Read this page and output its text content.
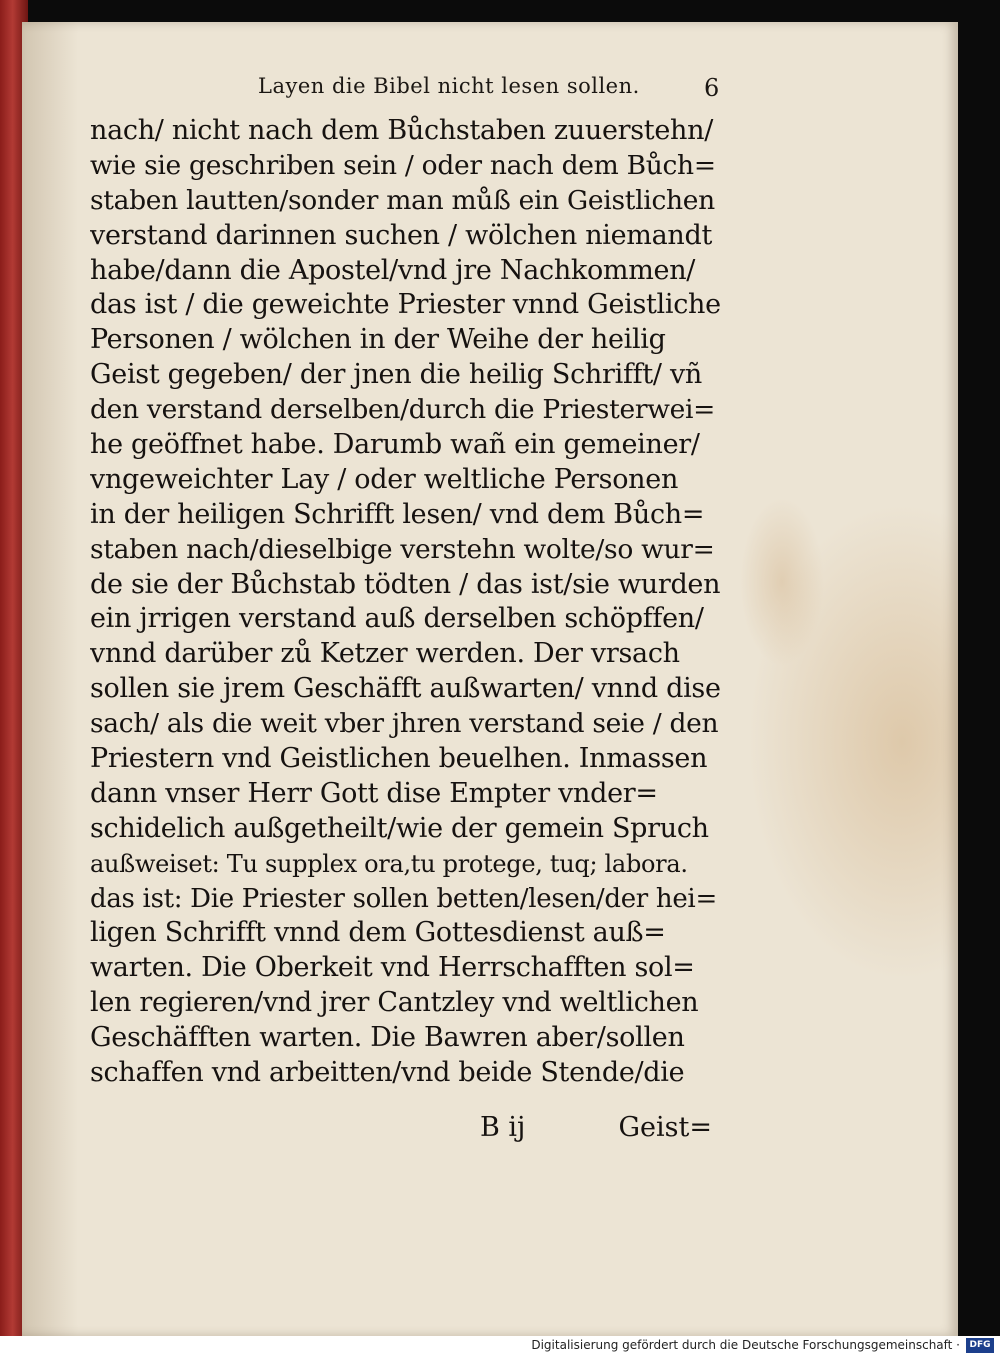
Layen die Bibel nicht lesen sollen.	6
nach/ nicht nach dem Bůchstaben zuuerstehn/
wie sie geschriben sein / oder nach dem Bůch=
staben lautten/sonder man můß ein Geistlichen
verstand darinnen suchen / wölchen niemandt
habe/dann die Apostel/vnd jre Nachkommen/
das ist / die geweichte Priester vnnd Geistliche
Personen / wölchen in der Weihe der heilig
Geist gegeben/ der jnen die heilig Schrifft/ vñ
den verstand derselben/durch die Priesterwei=
he geöffnet habe. Darumb wañ ein gemeiner/
vngeweichter Lay / oder weltliche Personen
in der heiligen Schrifft lesen/ vnd dem Bůch=
staben nach/dieselbige verstehn wolte/so wur=
de sie der Bůchstab tödten / das ist/sie wurden
ein jrrigen verstand auß derselben schöpffen/
vnnd darüber zů Ketzer werden. Der vrsach
sollen sie jrem Geschäfft außwarten/ vnnd dise
sach/ als die weit vber jhren verstand seie / den
Priestern vnd Geistlichen beuelhen. Inmassen
dann vnser Herr Gott dise Empter vnder=
schidelich außgetheilt/wie der gemein Spruch
außweiset: Tu supplex ora,tu protege, tuq; labora.
das ist: Die Priester sollen betten/lesen/der hei=
ligen Schrifft vnnd dem Gottesdienst auß=
warten. Die Oberkeit vnd Herrschafften sol=
len regieren/vnd jrer Cantzley vnd weltlichen
Geschäfften warten. Die Bawren aber/sollen
schaffen vnd arbeitten/vnd beide Stende/die
B ij	Geist=
Digitalisierung gefördert durch die Deutsche Forschungsgemeinschaft ·	DFG
